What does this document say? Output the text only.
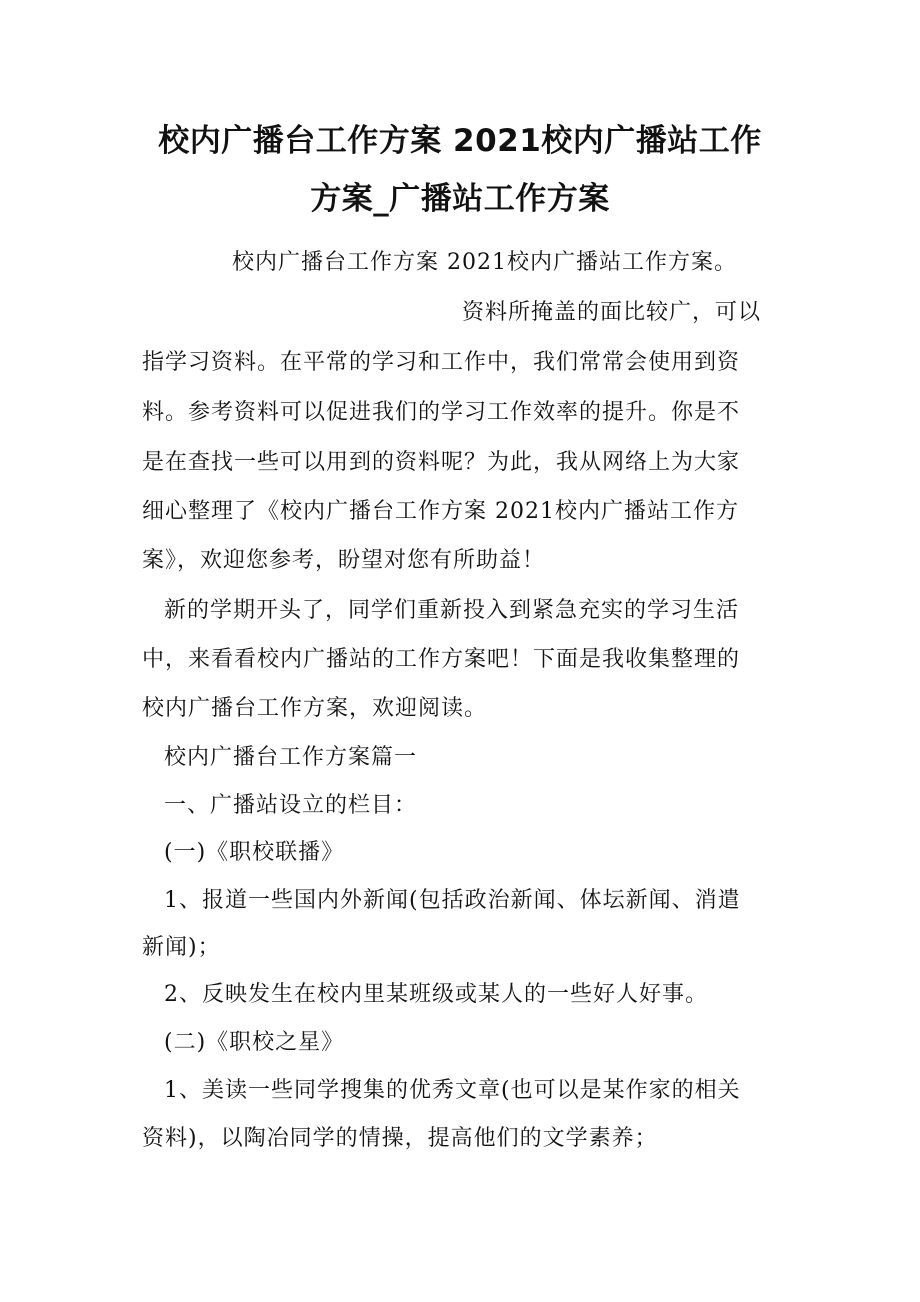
校内广播台工作方案 2021校内广播站工作
方案_广播站工作方案

校内广播台工作方案 2021校内广播站工作方案。

资料所掩盖的面比较广，可以

指学习资料。在平常的学习和工作中，我们常常会使用到资

料。参考资料可以促进我们的学习工作效率的提升。你是不

是在查找一些可以用到的资料呢？为此，我从网络上为大家

细心整理了《校内广播台工作方案 2021校内广播站工作方

案》，欢迎您参考，盼望对您有所助益！

新的学期开头了，同学们重新投入到紧急充实的学习生活

中，来看看校内广播站的工作方案吧！下面是我收集整理的

校内广播台工作方案，欢迎阅读。

校内广播台工作方案篇一

一、广播站设立的栏目：

(一)《职校联播》

1、报道一些国内外新闻(包括政治新闻、体坛新闻、消遣

新闻)；

2、反映发生在校内里某班级或某人的一些好人好事。

(二)《职校之星》

1、美读一些同学搜集的优秀文章(也可以是某作家的相关

资料)，以陶冶同学的情操，提高他们的文学素养；
